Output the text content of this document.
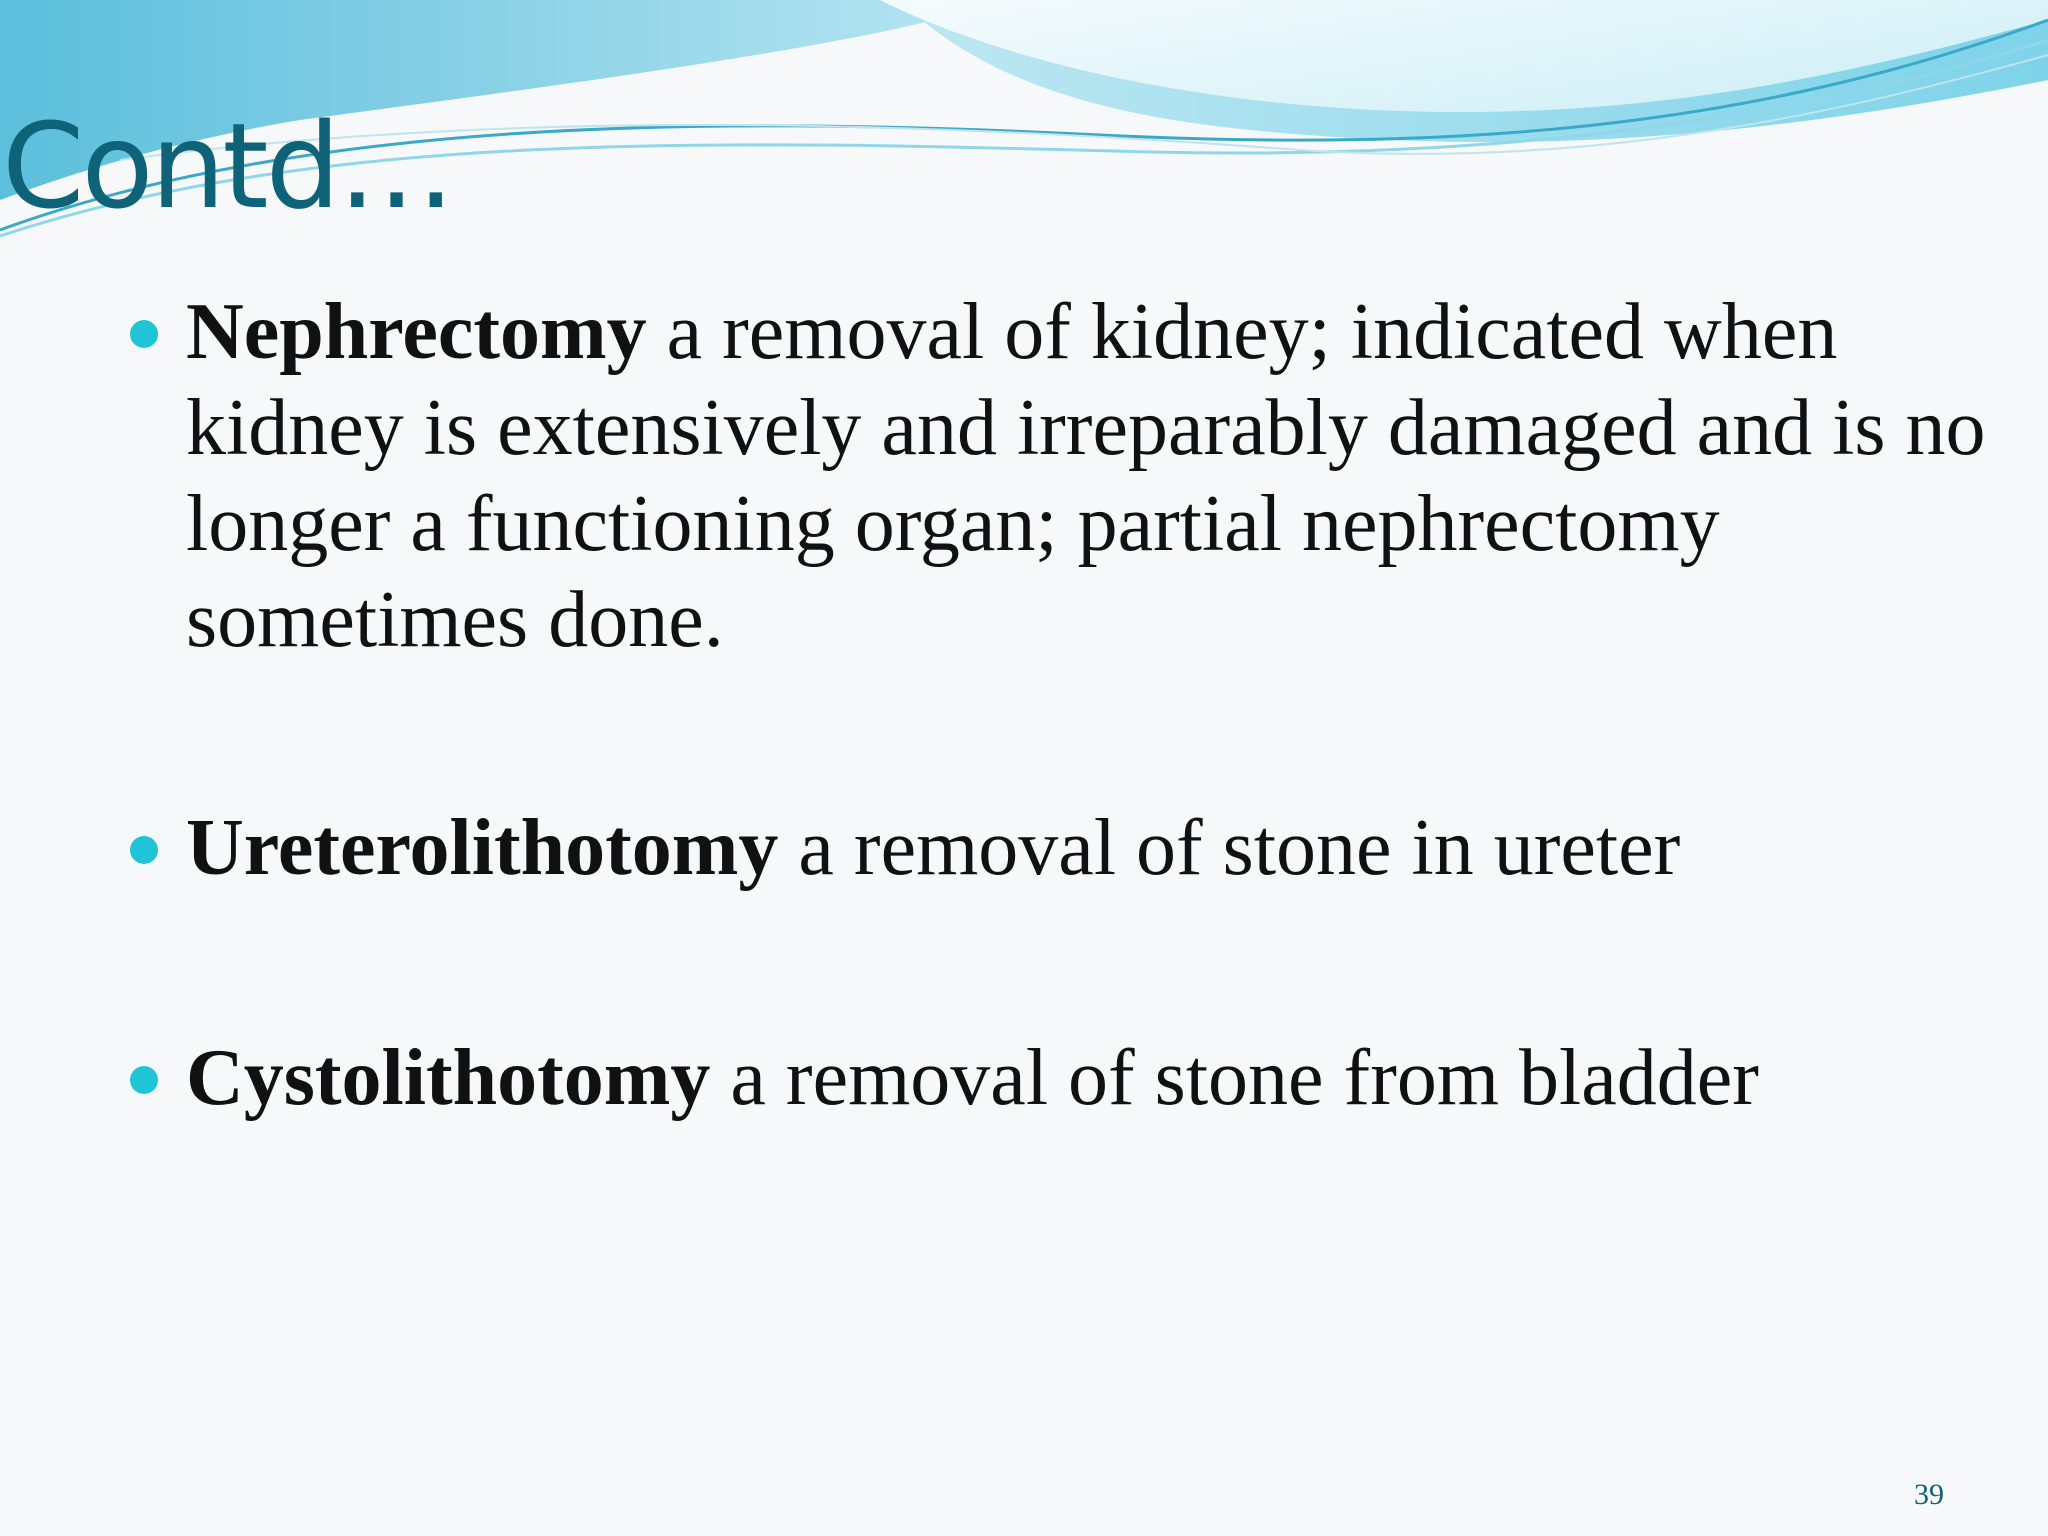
Contd…

Nephrectomy a removal of kidney; indicated when kidney is extensively and irreparably damaged and is no longer a functioning organ; partial nephrectomy sometimes done.

Ureterolithotomy a removal of stone in ureter

Cystolithotomy a removal of stone from bladder

39
